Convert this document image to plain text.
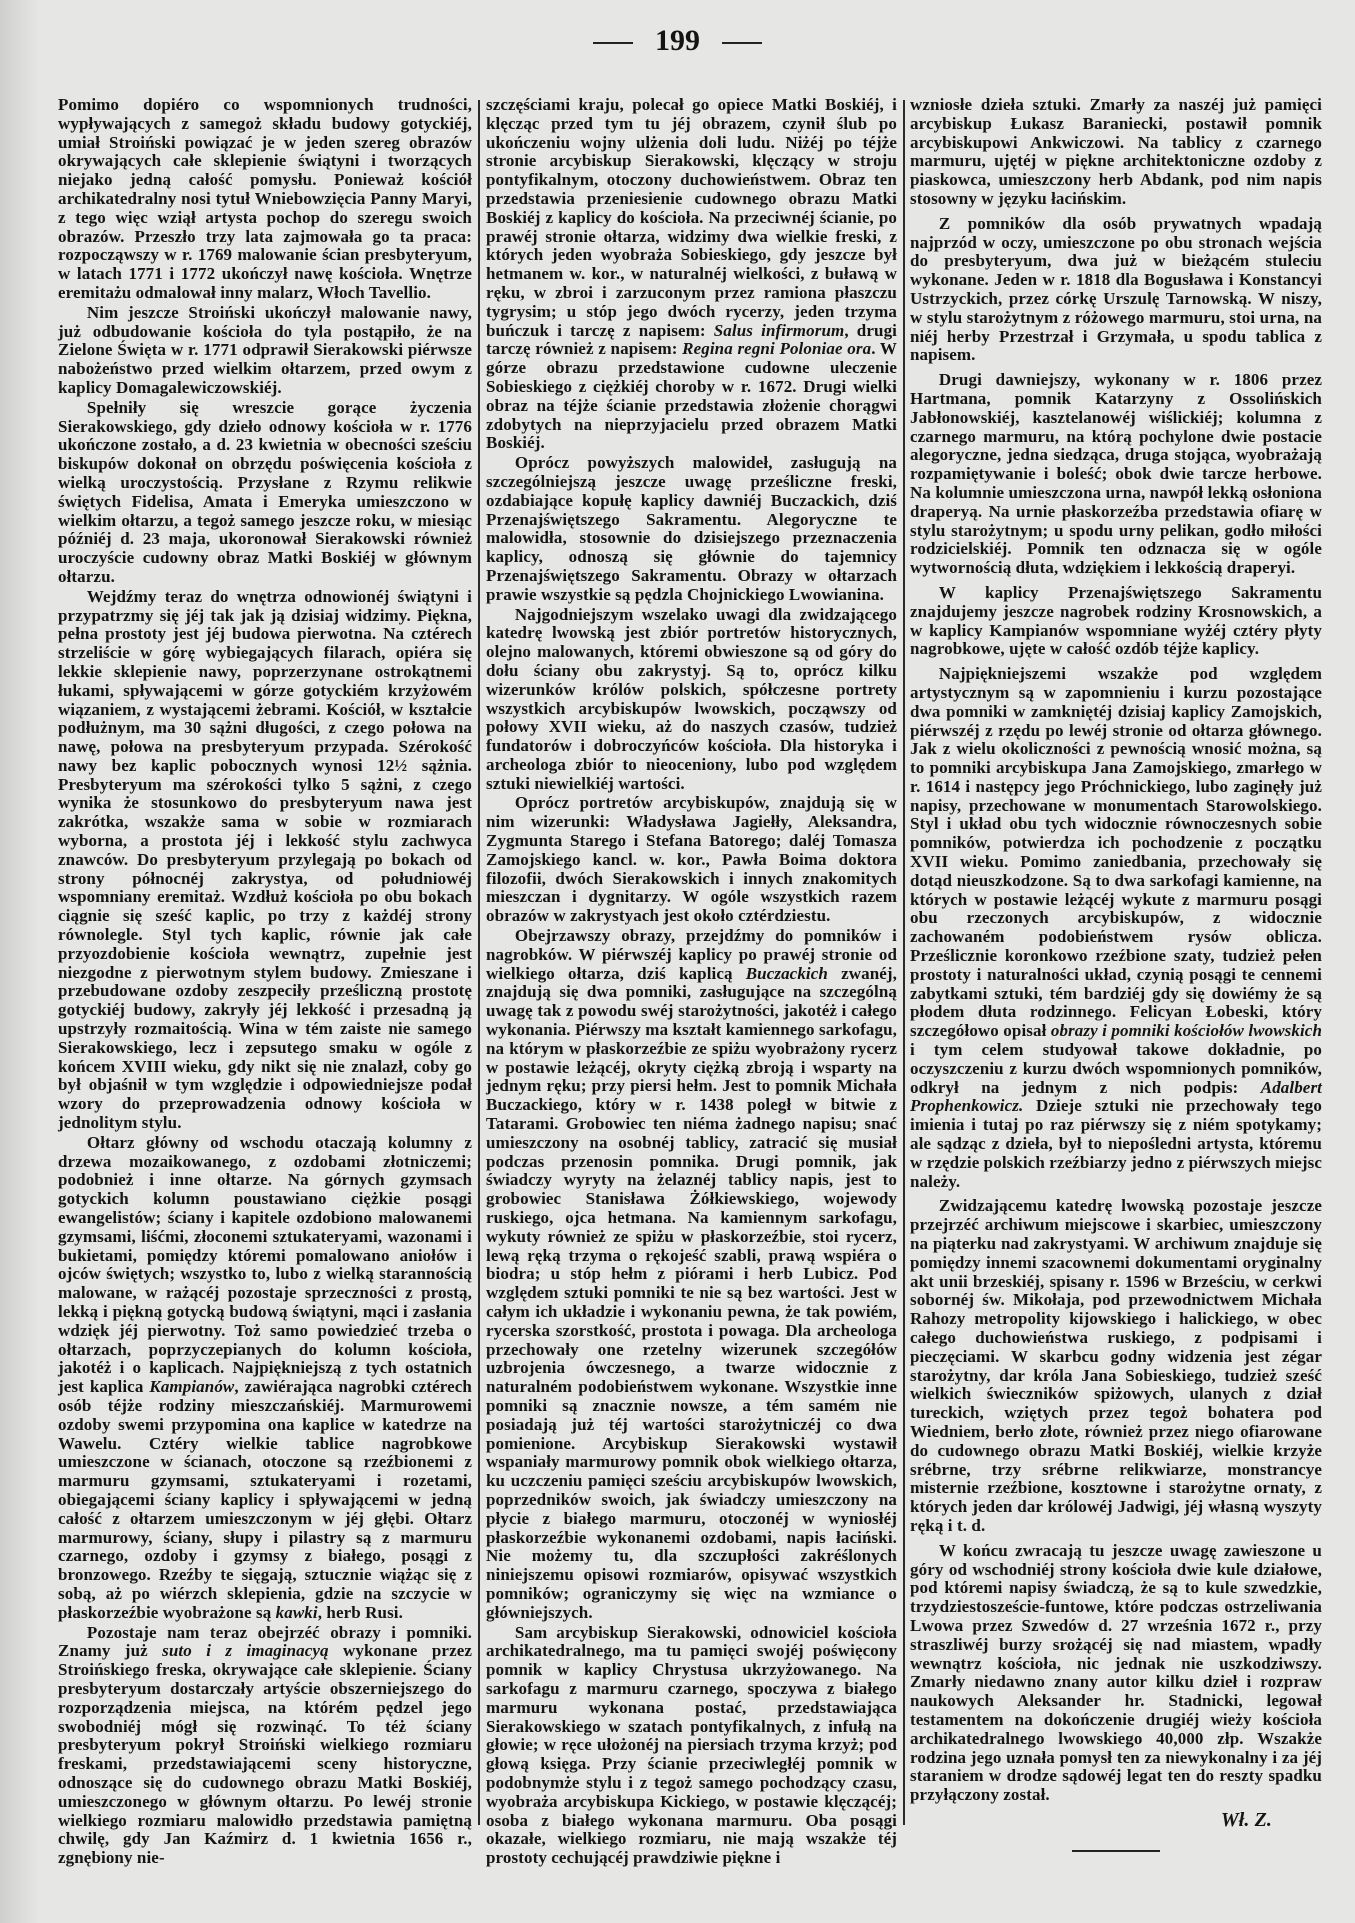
199

Pomimo dopiéro co wspomnionych trudności, wypływających z samegoż składu budowy gotyckiéj, umiał Stroiński powiązać je w jeden szereg obrazów okrywających całe sklepienie świątyni i tworzących niejako jedną całość pomysłu. Ponieważ kościół archikatedralny nosi tytuł Wniebowzięcia Panny Maryi, z tego więc wziął artysta pochop do szeregu swoich obrazów. Przeszło trzy lata zajmowała go ta praca: rozpocząwszy w r. 1769 malowanie ścian presbyteryum, w latach 1771 i 1772 ukończył nawę kościoła. Wnętrze eremitażu odmalował inny malarz, Włoch Tavellio.

Nim jeszcze Stroiński ukończył malowanie nawy, już odbudowanie kościoła do tyla postąpiło, że na Zielone Święta w r. 1771 odprawił Sierakowski piérwsze nabożeństwo przed wielkim ołtarzem, przed owym z kaplicy Domagalewiczowskiéj.

Spełniły się wreszcie gorące życzenia Sierakowskiego, gdy dzieło odnowy kościoła w r. 1776 ukończone zostało, a d. 23 kwietnia w obecności sześciu biskupów dokonał on obrzędu poświęcenia kościoła z wielką uroczystością. Przysłane z Rzymu relikwie świętych Fidelisa, Amata i Emeryka umieszczono w wielkim ołtarzu, a tegoż samego jeszcze roku, w miesiąc późniéj d. 23 maja, ukoronował Sierakowski również uroczyście cudowny obraz Matki Boskiéj w głównym ołtarzu.

Wejdźmy teraz do wnętrza odnowionéj świątyni i przypatrzmy się jéj tak jak ją dzisiaj widzimy. Piękna, pełna prostoty jest jéj budowa pierwotna. Na cztérech strzeliście w górę wybiegających filarach, opiéra się lekkie sklepienie nawy, poprzerzynane ostrokątnemi łukami, spływającemi w górze gotyckiém krzyżowém wiązaniem, z wystającemi żebrami. Kościół, w kształcie podłużnym, ma 30 sążni długości, z czego połowa na nawę, połowa na presbyteryum przypada. Szérokość nawy bez kaplic pobocznych wynosi 12½ sążnia. Presbyteryum ma szérokości tylko 5 sążni, z czego wynika że stosunkowo do presbyteryum nawa jest zakrótka, wszakże sama w sobie w rozmiarach wyborna, a prostota jéj i lekkość stylu zachwyca znawców. Do presbyteryum przylegają po bokach od strony północnéj zakrystya, od południowéj wspomniany eremitaż. Wzdłuż kościoła po obu bokach ciągnie się sześć kaplic, po trzy z każdéj strony równolegle. Styl tych kaplic, równie jak całe przyozdobienie kościoła wewnątrz, zupełnie jest niezgodne z pierwotnym stylem budowy. Zmieszane i przebudowane ozdoby zeszpeciły prześliczną prostotę gotyckiéj budowy, zakryły jéj lekkość i przesadną ją upstrzyły rozmaitością. Wina w tém zaiste nie samego Sierakowskiego, lecz i zepsutego smaku w ogóle z końcem XVIII wieku, gdy nikt się nie znalazł, coby go był objaśnił w tym względzie i odpowiedniejsze podał wzory do przeprowadzenia odnowy kościoła w jednolitym stylu.

Ołtarz główny od wschodu otaczają kolumny z drzewa mozaikowanego, z ozdobami złotniczemi; podobnież i inne ołtarze. Na górnych gzymsach gotyckich kolumn poustawiano ciężkie posągi ewangelistów; ściany i kapitele ozdobiono malowanemi gzymsami, liśćmi, złoconemi sztukateryami, wazonami i bukietami, pomiędzy któremi pomalowano aniołów i ojców świętych; wszystko to, lubo z wielką starannością malowane, w rażącéj pozostaje sprzeczności z prostą, lekką i piękną gotycką budową świątyni, mąci i zasłania wdzięk jéj pierwotny. Toż samo powiedzieć trzeba o ołtarzach, poprzyczepianych do kolumn kościoła, jakotéż i o kaplicach. Najpiękniejszą z tych ostatnich jest kaplica Kampianów, zawiérająca nagrobki cztérech osób téjże rodziny mieszczańskiéj. Marmurowemi ozdoby swemi przypomina ona kaplice w katedrze na Wawelu. Cztéry wielkie tablice nagrobkowe umieszczone w ścianach, otoczone są rzeźbionemi z marmuru gzymsami, sztukateryami i rozetami, obiegającemi ściany kaplicy i spływającemi w jedną całość z ołtarzem umieszczonym w jéj głębi. Ołtarz marmurowy, ściany, słupy i pilastry są z marmuru czarnego, ozdoby i gzymsy z białego, posągi z bronzowego. Rzeźby te sięgają, sztucznie wiążąc się z sobą, aż po wiérzch sklepienia, gdzie na szczycie w płaskorzeźbie wyobrażone są kawki, herb Rusi.

Pozostaje nam teraz obejrzéć obrazy i pomniki. Znamy już suto i z imaginacyą wykonane przez Stroińskiego freska, okrywające całe sklepienie. Ściany presbyteryum dostarczały artyście obszerniejszego do rozporządzenia miejsca, na którém pędzel jego swobodniéj mógł się rozwinąć. To téż ściany presbyteryum pokrył Stroiński wielkiego rozmiaru freskami, przedstawiającemi sceny historyczne, odnoszące się do cudownego obrazu Matki Boskiéj, umieszczonego w głównym ołtarzu. Po lewéj stronie wielkiego rozmiaru malowidło przedstawia pamiętną chwilę, gdy Jan Kaźmirz d. 1 kwietnia 1656 r., zgnębiony nie-

szczęściami kraju, polecał go opiece Matki Boskiéj, i klęcząc przed tym tu jéj obrazem, czynił ślub po ukończeniu wojny ulżenia doli ludu. Niżéj po téjże stronie arcybiskup Sierakowski, klęczący w stroju pontyfikalnym, otoczony duchowieństwem. Obraz ten przedstawia przeniesienie cudownego obrazu Matki Boskiéj z kaplicy do kościoła. Na przeciwnéj ścianie, po prawéj stronie ołtarza, widzimy dwa wielkie freski, z których jeden wyobraża Sobieskiego, gdy jeszcze był hetmanem w. kor., w naturalnéj wielkości, z buławą w ręku, w zbroi i zarzuconym przez ramiona płaszczu tygrysim; u stóp jego dwóch rycerzy, jeden trzyma buńczuk i tarczę z napisem: Salus infirmorum, drugi tarczę również z napisem: Regina regni Poloniae ora. W górze obrazu przedstawione cudowne uleczenie Sobieskiego z ciężkiéj choroby w r. 1672. Drugi wielki obraz na téjże ścianie przedstawia złożenie chorągwi zdobytych na nieprzyjacielu przed obrazem Matki Boskiéj.

Oprócz powyższych malowideł, zasługują na szczególniejszą jeszcze uwagę prześliczne freski, ozdabiające kopułę kaplicy dawniéj Buczackich, dziś Przenajświętszego Sakramentu. Alegoryczne te malowidła, stosownie do dzisiejszego przeznaczenia kaplicy, odnoszą się głównie do tajemnicy Przenajświętszego Sakramentu. Obrazy w ołtarzach prawie wszystkie są pędzla Chojnickiego Lwowianina.

Najgodniejszym wszelako uwagi dla zwidzającego katedrę lwowską jest zbiór portretów historycznych, olejno malowanych, któremi obwieszone są od góry do dołu ściany obu zakrystyj. Są to, oprócz kilku wizerunków królów polskich, spółczesne portrety wszystkich arcybiskupów lwowskich, począwszy od połowy XVII wieku, aż do naszych czasów, tudzież fundatorów i dobroczyńców kościoła. Dla historyka i archeologa zbiór to nieoceniony, lubo pod względem sztuki niewielkiéj wartości.

Oprócz portretów arcybiskupów, znajdują się w nim wizerunki: Władysława Jagiełły, Aleksandra, Zygmunta Starego i Stefana Batorego; daléj Tomasza Zamojskiego kancl. w. kor., Pawła Boima doktora filozofii, dwóch Sierakowskich i innych znakomitych mieszczan i dygnitarzy. W ogóle wszystkich razem obrazów w zakrystyach jest około cztérdziestu.

Obejrzawszy obrazy, przejdźmy do pomników i nagrobków. W piérwszéj kaplicy po prawéj stronie od wielkiego ołtarza, dziś kaplicą Buczackich zwanéj, znajdują się dwa pomniki, zasługujące na szczególną uwagę tak z powodu swéj starożytności, jakotéż i całego wykonania. Piérwszy ma kształt kamiennego sarkofagu, na którym w płaskorzeźbie ze spiżu wyobrażony rycerz w postawie leżącéj, okryty ciężką zbroją i wsparty na jednym ręku; przy piersi hełm. Jest to pomnik Michała Buczackiego, który w r. 1438 poległ w bitwie z Tatarami. Grobowiec ten niéma żadnego napisu; snać umieszczony na osobnéj tablicy, zatracić się musiał podczas przenosin pomnika. Drugi pomnik, jak świadczy wyryty na żelaznéj tablicy napis, jest to grobowiec Stanisława Żółkiewskiego, wojewody ruskiego, ojca hetmana. Na kamiennym sarkofagu, wykuty również ze spiżu w płaskorzeźbie, stoi rycerz, lewą ręką trzyma o rękojeść szabli, prawą wspiéra o biodra; u stóp hełm z piórami i herb Lubicz. Pod względem sztuki pomniki te nie są bez wartości. Jest w całym ich układzie i wykonaniu pewna, że tak powiém, rycerska szorstkość, prostota i powaga. Dla archeologa przechowały one rzetelny wizerunek szczegółów uzbrojenia ówczesnego, a twarze widocznie z naturalném podobieństwem wykonane. Wszystkie inne pomniki są znacznie nowsze, a tém samém nie posiadają już téj wartości starożytniczéj co dwa pomienione. Arcybiskup Sierakowski wystawił wspaniały marmurowy pomnik obok wielkiego ołtarza, ku uczczeniu pamięci sześciu arcybiskupów lwowskich, poprzedników swoich, jak świadczy umieszczony na płycie z białego marmuru, otoczonéj w wyniosłéj płaskorzeźbie wykonanemi ozdobami, napis łaciński. Nie możemy tu, dla szczupłości zakréślonych niniejszemu opisowi rozmiarów, opisywać wszystkich pomników; ograniczymy się więc na wzmiance o główniejszych.

Sam arcybiskup Sierakowski, odnowiciel kościoła archikatedralnego, ma tu pamięci swojéj poświęcony pomnik w kaplicy Chrystusa ukrzyżowanego. Na sarkofagu z marmuru czarnego, spoczywa z białego marmuru wykonana postać, przedstawiająca Sierakowskiego w szatach pontyfikalnych, z infułą na głowie; w ręce ułożonéj na piersiach trzyma krzyż; pod głową księga. Przy ścianie przeciwległéj pomnik w podobnymże stylu i z tegoż samego pochodzący czasu, wyobraża arcybiskupa Kickiego, w postawie klęczącéj; osoba z białego wykonana marmuru. Oba posągi okazałe, wielkiego rozmiaru, nie mają wszakże téj prostoty cechującéj prawdziwie piękne i

wzniosłe dzieła sztuki. Zmarły za naszéj już pamięci arcybiskup Łukasz Baraniecki, postawił pomnik arcybiskupowi Ankwiczowi. Na tablicy z czarnego marmuru, ujętéj w piękne architektoniczne ozdoby z piaskowca, umieszczony herb Abdank, pod nim napis stosowny w języku łacińskim.

Z pomników dla osób prywatnych wpadają najprzód w oczy, umieszczone po obu stronach wejścia do presbyteryum, dwa już w bieżącém stuleciu wykonane. Jeden w r. 1818 dla Bogusława i Konstancyi Ustrzyckich, przez córkę Urszulę Tarnowską. W niszy, w stylu starożytnym z różowego marmuru, stoi urna, na niéj herby Przestrzał i Grzymała, u spodu tablica z napisem.

Drugi dawniejszy, wykonany w r. 1806 przez Hartmana, pomnik Katarzyny z Ossolińskich Jabłonowskiéj, kasztelanowéj wiślickiéj; kolumna z czarnego marmuru, na którą pochylone dwie postacie alegoryczne, jedna siedząca, druga stojąca, wyobrażają rozpamiętywanie i boleść; obok dwie tarcze herbowe. Na kolumnie umieszczona urna, nawpół lekką osłoniona draperyą. Na urnie płaskorzeźba przedstawia ofiarę w stylu starożytnym; u spodu urny pelikan, godło miłości rodzicielskiéj. Pomnik ten odznacza się w ogóle wytwornością dłuta, wdziękiem i lekkością draperyi.

W kaplicy Przenajświętszego Sakramentu znajdujemy jeszcze nagrobek rodziny Krosnowskich, a w kaplicy Kampianów wspomniane wyżéj cztéry płyty nagrobkowe, ujęte w całość ozdób téjże kaplicy.

Najpiękniejszemi wszakże pod względem artystycznym są w zapomnieniu i kurzu pozostające dwa pomniki w zamkniętéj dzisiaj kaplicy Zamojskich, piérwszéj z rzędu po lewéj stronie od ołtarza głównego. Jak z wielu okoliczności z pewnością wnosić można, są to pomniki arcybiskupa Jana Zamojskiego, zmarłego w r. 1614 i następcy jego Próchnickiego, lubo zaginęły już napisy, przechowane w monumentach Starowolskiego. Styl i układ obu tych widocznie równoczesnych sobie pomników, potwierdza ich pochodzenie z początku XVII wieku. Pomimo zaniedbania, przechowały się dotąd nieuszkodzone. Są to dwa sarkofagi kamienne, na których w postawie leżącéj wykute z marmuru posągi obu rzeczonych arcybiskupów, z widocznie zachowaném podobieństwem rysów oblicza. Prześlicznie koronkowo rzeźbione szaty, tudzież pełen prostoty i naturalności układ, czynią posągi te cennemi zabytkami sztuki, tém bardziéj gdy się dowiémy że są płodem dłuta rodzinnego. Felicyan Łobeski, który szczegółowo opisał obrazy i pomniki kościołów lwowskich i tym celem studyował takowe dokładnie, po oczyszczeniu z kurzu dwóch wspomnionych pomników, odkrył na jednym z nich podpis: Adalbert Prophenkowicz. Dzieje sztuki nie przechowały tego imienia i tutaj po raz piérwszy się z niém spotykamy; ale sądząc z dzieła, był to niepośledni artysta, któremu w rzędzie polskich rzeźbiarzy jedno z piérwszych miejsc należy.

Zwidzającemu katedrę lwowską pozostaje jeszcze przejrzéć archiwum miejscowe i skarbiec, umieszczony na piąterku nad zakrystyami. W archiwum znajduje się pomiędzy innemi szacownemi dokumentami oryginalny akt unii brzeskiéj, spisany r. 1596 w Brześciu, w cerkwi sobornéj św. Mikołaja, pod przewodnictwem Michała Rahozy metropolity kijowskiego i halickiego, w obec całego duchowieństwa ruskiego, z podpisami i pieczęciami. W skarbcu godny widzenia jest zégar starożytny, dar króla Jana Sobieskiego, tudzież sześć wielkich świeczników spiżowych, ulanych z dział tureckich, wziętych przez tegoż bohatera pod Wiedniem, berło złote, również przez niego ofiarowane do cudownego obrazu Matki Boskiéj, wielkie krzyże srébrne, trzy srébrne relikwiarze, monstrancye misternie rzeźbione, kosztowne i starożytne ornaty, z których jeden dar królowéj Jadwigi, jéj własną wyszyty ręką i t. d.

W końcu zwracają tu jeszcze uwagę zawieszone u góry od wschodniéj strony kościoła dwie kule działowe, pod któremi napisy świadczą, że są to kule szwedzkie, trzydziestoszeście-funtowe, które podczas ostrzeliwania Lwowa przez Szwedów d. 27 września 1672 r., przy straszliwéj burzy srożącéj się nad miastem, wpadły wewnątrz kościoła, nic jednak nie uszkodziwszy. Zmarły niedawno znany autor kilku dzieł i rozpraw naukowych Aleksander hr. Stadnicki, legował testamentem na dokończenie drugiéj wieży kościoła archikatedralnego lwowskiego 40,000 złp. Wszakże rodzina jego uznała pomysł ten za niewykonalny i za jéj staraniem w drodze sądowéj legat ten do reszty spadku przyłączony został.

Wł. Z.
